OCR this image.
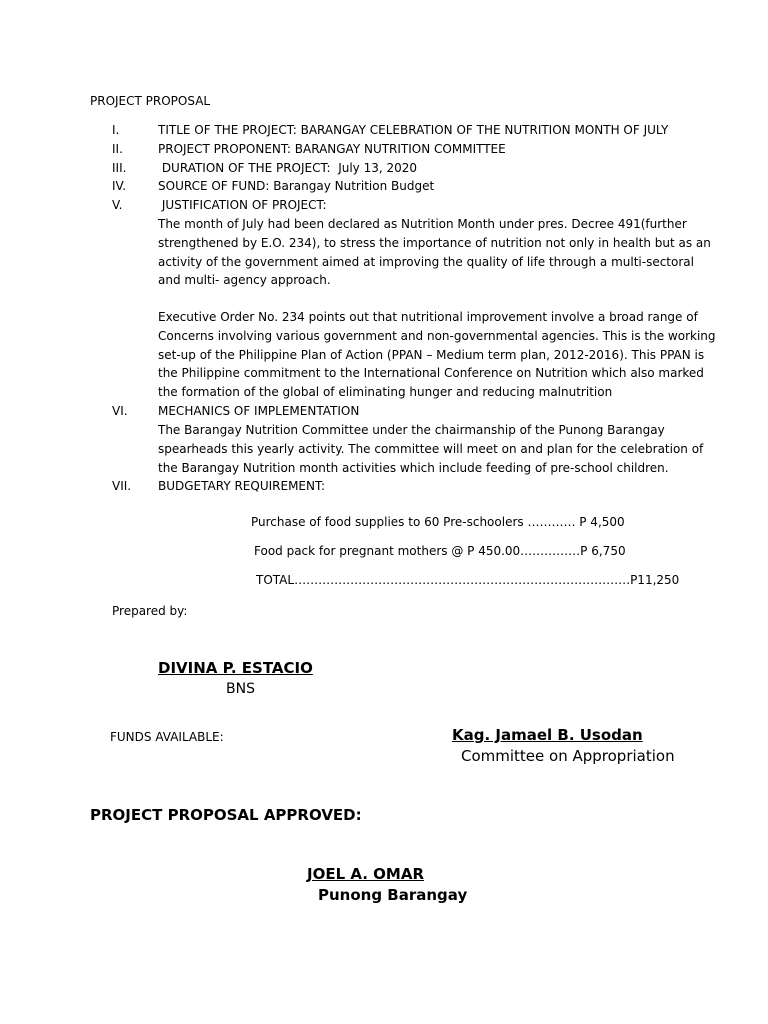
PROJECT PROPOSAL
I.	TITLE OF THE PROJECT: BARANGAY CELEBRATION OF THE NUTRITION MONTH OF JULY
II.	PROJECT PROPONENT: BARANGAY NUTRITION COMMITTEE
III.	DURATION OF THE PROJECT:  July 13, 2020
IV.	SOURCE OF FUND: Barangay Nutrition Budget
V.	JUSTIFICATION OF PROJECT:
The month of July had been declared as Nutrition Month under pres. Decree 491(further
strengthened by E.O. 234), to stress the importance of nutrition not only in health but as an
activity of the government aimed at improving the quality of life through a multi-sectoral
and multi- agency approach.
Executive Order No. 234 points out that nutritional improvement involve a broad range of
Concerns involving various government and non-governmental agencies. This is the working
set-up of the Philippine Plan of Action (PPAN – Medium term plan, 2012-2016). This PPAN is
the Philippine commitment to the International Conference on Nutrition which also marked
the formation of the global of eliminating hunger and reducing malnutrition
VI.	MECHANICS OF IMPLEMENTATION
The Barangay Nutrition Committee under the chairmanship of the Punong Barangay
spearheads this yearly activity. The committee will meet on and plan for the celebration of
the Barangay Nutrition month activities which include feeding of pre-school children.
VII.	BUDGETARY REQUIREMENT:
Purchase of food supplies to 60 Pre-schoolers ………… P 4,500
Food pack for pregnant mothers @ P 450.00……………P 6,750
TOTAL…………………………………………………………………………P11,250
Prepared by:
DIVINA P. ESTACIO
BNS
FUNDS AVAILABLE:	Kag. Jamael B. Usodan
Committee on Appropriation
PROJECT PROPOSAL APPROVED:
JOEL A. OMAR
Punong Barangay
